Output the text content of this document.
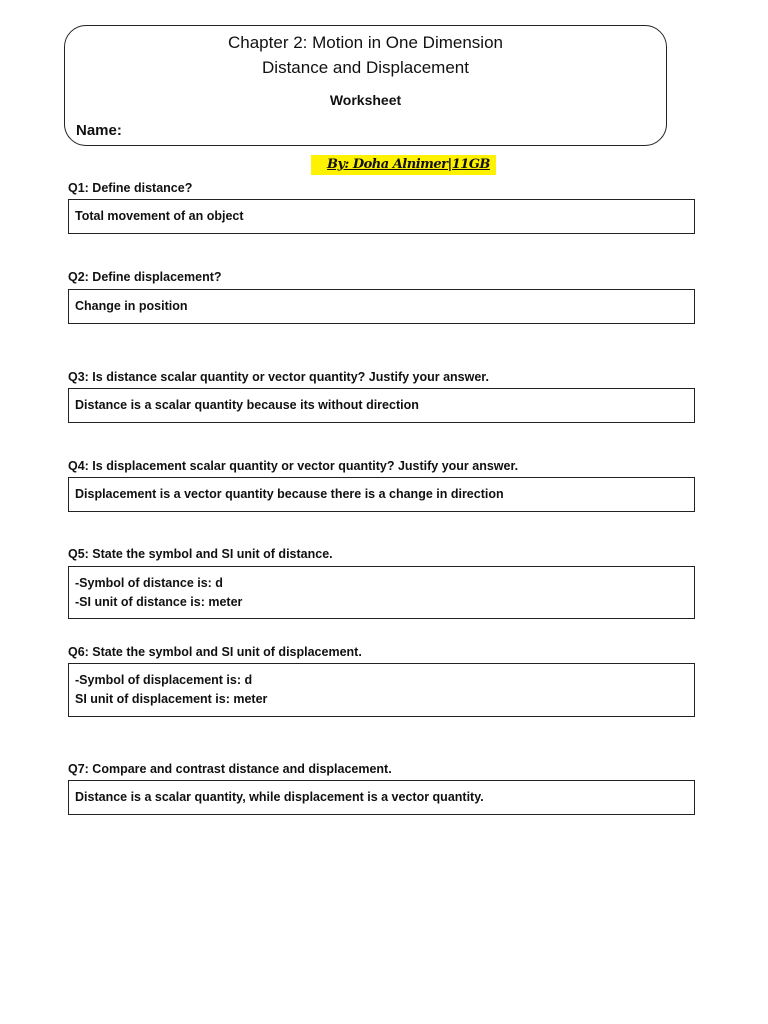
Chapter 2: Motion in One Dimension
Distance and Displacement
Worksheet
Name:
By: Doha Alnimer|11GB
Q1: Define distance?
Total movement of an object
Q2: Define displacement?
Change in position
Q3: Is distance scalar quantity or vector quantity? Justify your answer.
Distance is a scalar quantity because its without direction
Q4: Is displacement scalar quantity or vector quantity? Justify your answer.
Displacement is a vector quantity because there is a change in direction
Q5: State the symbol and SI unit of distance.
-Symbol of distance is: d
-SI unit of distance is: meter
Q6: State the symbol and SI unit of displacement.
-Symbol of displacement is: d
SI unit of displacement is: meter
Q7: Compare and contrast distance and displacement.
Distance is a scalar quantity, while displacement is a vector quantity.
